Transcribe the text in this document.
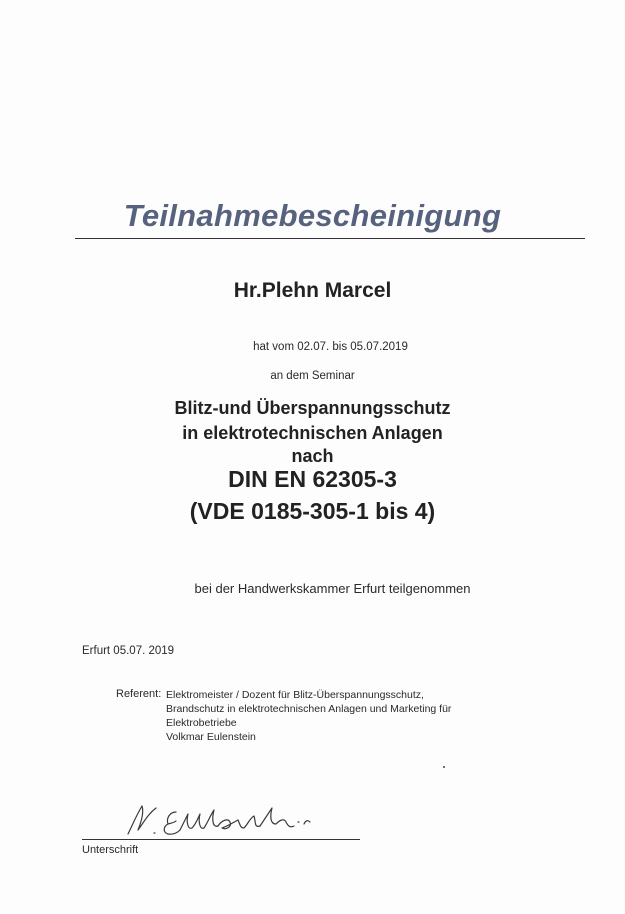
Teilnahmebescheinigung
Hr.Plehn Marcel
hat vom 02.07. bis 05.07.2019
an dem Seminar
Blitz-und Überspannungsschutz
in elektrotechnischen Anlagen
nach
DIN EN 62305-3
(VDE 0185-305-1 bis 4)
bei der Handwerkskammer Erfurt teilgenommen
Erfurt 05.07. 2019
Referent: Elektromeister / Dozent für Blitz-Überspannungsschutz,
Brandschutz in elektrotechnischen Anlagen und Marketing für
Elektrobetriebe
Volkmar Eulenstein
Unterschrift
